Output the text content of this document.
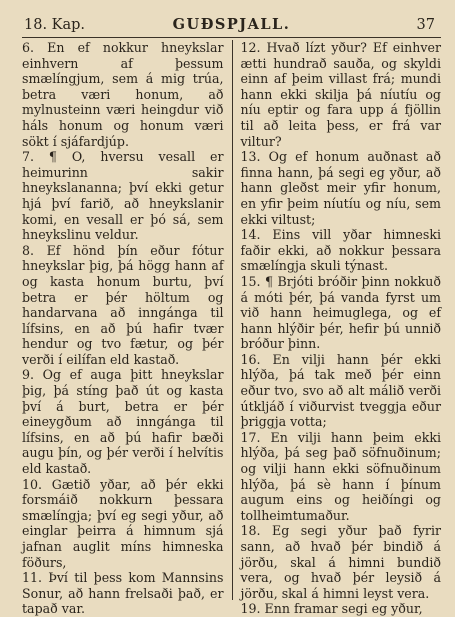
18. Kap.	GUÐSPJALL.	37

6. En ef nokkur hneykslar einhvern af þessum smælíngjum, sem á mig trúa, betra væri honum, að mylnusteinn væri heingdur við háls honum og honum væri sökt í sjáfardjúp.

7. ¶ O, hversu vesall er heimurinn sakir hneykslananna; því ekki getur hjá því farið, að hneykslanir komi, en vesall er þó sá, sem hneykslinu veldur.

8. Ef hönd þín eður fótur hneykslar þig, þá högg hann af og kasta honum burtu, því betra er þér höltum og handarvana að inngánga til lífsins, en að þú hafir tvær hendur og tvo fætur, og þér verði í eilífan eld kastað.

9. Og ef auga þitt hneykslar þig, þá stíng það út og kasta því á burt, betra er þér eineygðum að inngánga til lífsins, en að þú hafir bæði augu þín, og þér verði í helvítis eld kastað.

10. Gætið yðar, að þér ekki forsmáið nokkurn þessara smælíngja; því eg segi yður, að einglar þeirra á himnum sjá jafnan auglit míns himneska föðurs,

11. Því til þess kom Mannsins Sonur, að hann frelsaði það, er tapað var.

12. Hvað lízt yður? Ef einhver ætti hundrað sauða, og skyldi einn af þeim villast frá; mundi hann ekki skilja þá níutíu og níu eptir og fara upp á fjöllin til að leita þess, er frá var viltur?

13. Og ef honum auðnast að finna hann, þá segi eg yður, að hann gleðst meir yfir honum, en yfir þeim níutíu og níu, sem ekki viltust;

14. Eins vill yðar himneski faðir ekki, að nokkur þessara smælíngja skuli týnast.

15. ¶ Brjóti bróðir þinn nokkuð á móti þér, þá vanda fyrst um við hann heimuglega, og ef hann hlýðir þér, hefir þú unnið bróður þinn.

16. En vilji hann þér ekki hlýða, þá tak með þér einn eður tvo, svo að alt málið verði útkljáð í viðurvist tveggja eður þriggja votta;

17. En vilji hann þeim ekki hlýða, þá seg það söfnuðinum; og vilji hann ekki söfnuðinum hlýða, þá sè hann í þínum augum eins og heiðíngi og tollheimtumaður.

18. Eg segi yður það fyrir sann, að hvað þér bindið á jörðu, skal á himni bundið vera, og hvað þér leysið á jörðu, skal á himni leyst vera.

19. Enn framar segi eg yður,
